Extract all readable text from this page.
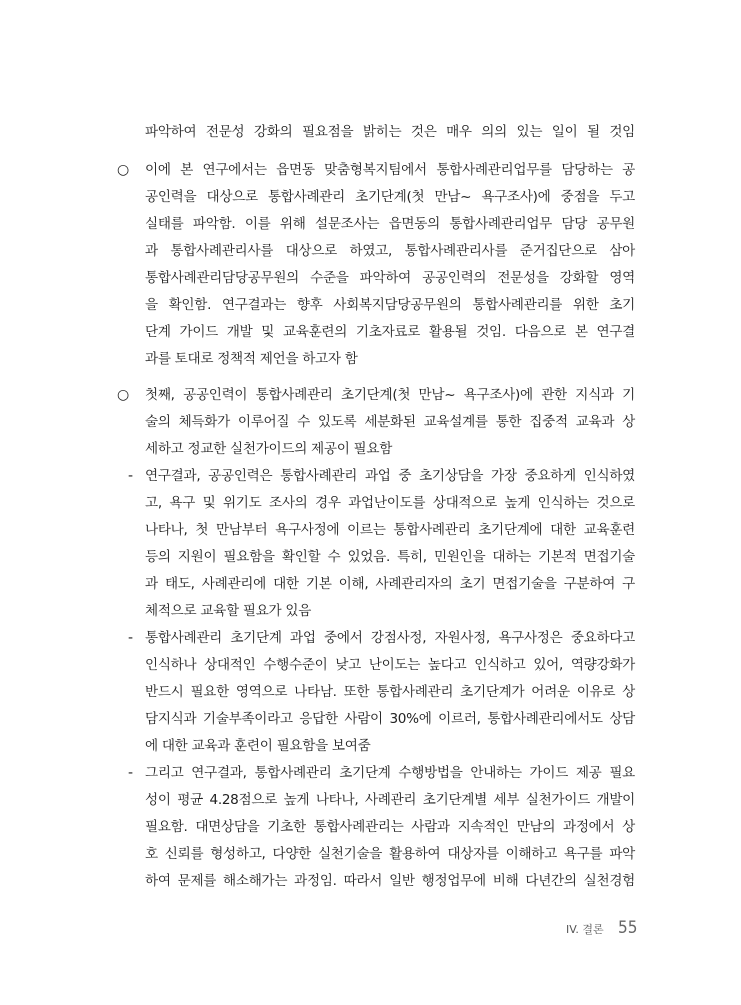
파악하여 전문성 강화의 필요점을 밝히는 것은 매우 의의 있는 일이 될 것임
○	이에 본 연구에서는 읍면동 맞춤형복지팀에서 통합사례관리업무를 담당하는 공
공인력을 대상으로 통합사례관리 초기단계(첫 만남~ 욕구조사)에 중점을 두고
실태를 파악함. 이를 위해 설문조사는 읍면동의 통합사례관리업무 담당 공무원
과 통합사례관리사를 대상으로 하였고, 통합사례관리사를 준거집단으로 삼아
통합사례관리담당공무원의 수준을 파악하여 공공인력의 전문성을 강화할 영역
을 확인함. 연구결과는 향후 사회복지담당공무원의 통합사례관리를 위한 초기
단계 가이드 개발 및 교육훈련의 기초자료로 활용될 것임. 다음으로 본 연구결
과를 토대로 정책적 제언을 하고자 함
○	첫째, 공공인력이 통합사례관리 초기단계(첫 만남~ 욕구조사)에 관한 지식과 기
술의 체득화가 이루어질 수 있도록 세분화된 교육설계를 통한 집중적 교육과 상
세하고 정교한 실천가이드의 제공이 필요함
- 연구결과, 공공인력은 통합사례관리 과업 중 초기상담을 가장 중요하게 인식하였
고, 욕구 및 위기도 조사의 경우 과업난이도를 상대적으로 높게 인식하는 것으로
나타나, 첫 만남부터 욕구사정에 이르는 통합사례관리 초기단계에 대한 교육훈련
등의 지원이 필요함을 확인할 수 있었음. 특히, 민원인을 대하는 기본적 면접기술
과 태도, 사례관리에 대한 기본 이해, 사례관리자의 초기 면접기술을 구분하여 구
체적으로 교육할 필요가 있음
- 통합사례관리 초기단계 과업 중에서 강점사정, 자원사정, 욕구사정은 중요하다고
인식하나 상대적인 수행수준이 낮고 난이도는 높다고 인식하고 있어, 역량강화가
반드시 필요한 영역으로 나타남. 또한 통합사례관리 초기단계가 어려운 이유로 상
담지식과 기술부족이라고 응답한 사람이 30%에 이르러, 통합사례관리에서도 상담
에 대한 교육과 훈련이 필요함을 보여줌
- 그리고 연구결과, 통합사례관리 초기단계 수행방법을 안내하는 가이드 제공 필요
성이 평균 4.28점으로 높게 나타나, 사례관리 초기단계별 세부 실천가이드 개발이
필요함. 대면상담을 기초한 통합사례관리는 사람과 지속적인 만남의 과정에서 상
호 신뢰를 형성하고, 다양한 실천기술을 활용하여 대상자를 이해하고 욕구를 파악
하여 문제를 해소해가는 과정임. 따라서 일반 행정업무에 비해 다년간의 실천경험
IV. 결론 55
